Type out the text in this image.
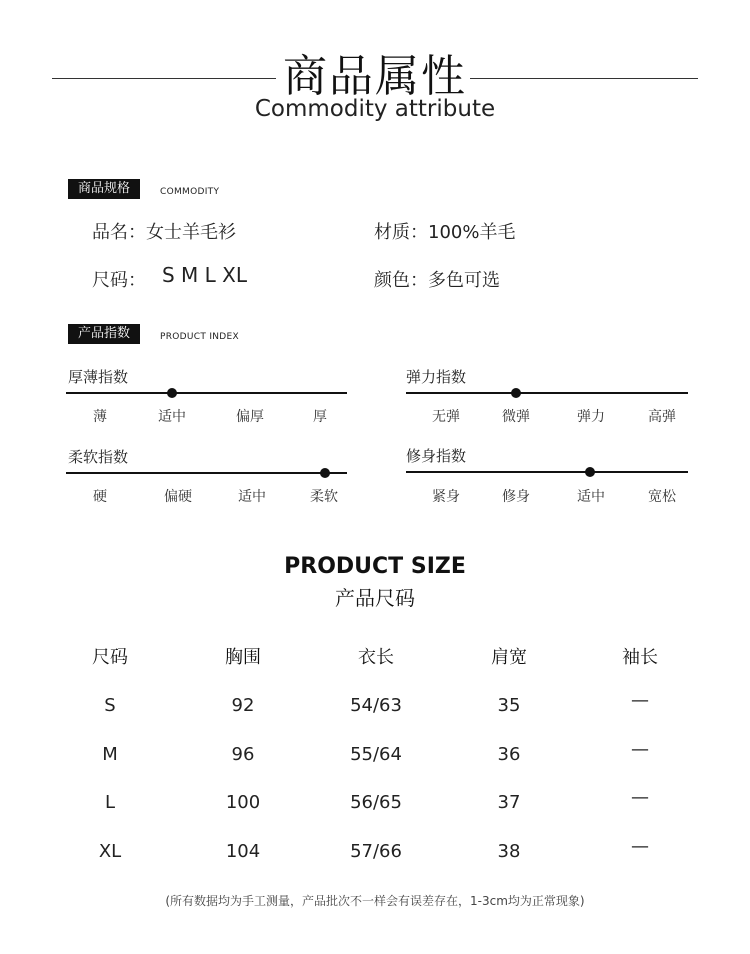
商品属性
Commodity attribute
商品规格	COMMODITY
品名：女士羊毛衫	材质：100%羊毛
尺码： S M L XL	颜色：多色可选
产品指数	PRODUCT INDEX
厚薄指数
薄	适中	偏厚	厚
弹力指数
无弹	微弹	弹力	高弹
柔软指数
硬	偏硬	适中	柔软
修身指数
紧身	修身	适中	宽松
PRODUCT SIZE
产品尺码
尺码	胸围	衣长	肩宽	袖长
S	92	54/63	35	—
M	96	55/64	36	—
L	100	56/65	37	—
XL	104	57/66	38	—
(所有数据均为手工测量，产品批次不一样会有误差存在，1-3cm均为正常现象)
